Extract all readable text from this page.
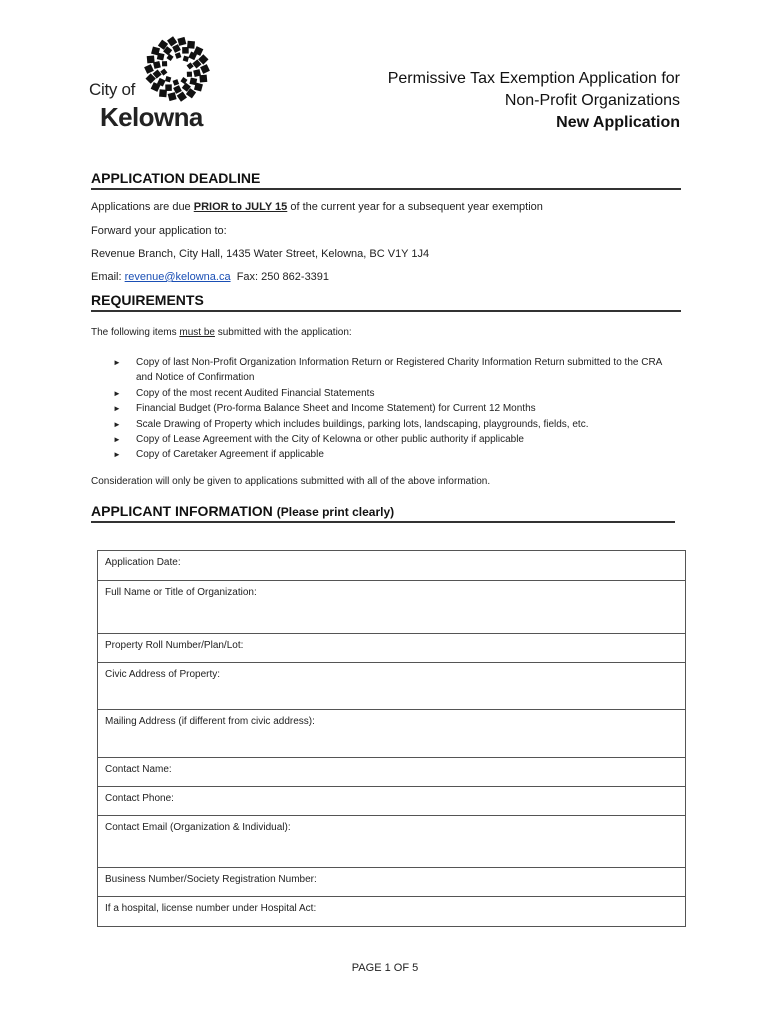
City of
Kelowna
Permissive Tax Exemption Application for
Non-Profit Organizations
New Application
APPLICATION DEADLINE
Applications are due PRIOR to JULY 15 of the current year for a subsequent year exemption
Forward your application to:
Revenue Branch, City Hall, 1435 Water Street, Kelowna, BC V1Y 1J4
Email: revenue@kelowna.ca  Fax: 250 862-3391
REQUIREMENTS
The following items must be submitted with the application:
► Copy of last Non-Profit Organization Information Return or Registered Charity Information Return submitted to the CRA and Notice of Confirmation
► Copy of the most recent Audited Financial Statements
► Financial Budget (Pro-forma Balance Sheet and Income Statement) for Current 12 Months
► Scale Drawing of Property which includes buildings, parking lots, landscaping, playgrounds, fields, etc.
► Copy of Lease Agreement with the City of Kelowna or other public authority if applicable
► Copy of Caretaker Agreement if applicable
Consideration will only be given to applications submitted with all of the above information.
APPLICANT INFORMATION (Please print clearly)
Application Date:
Full Name or Title of Organization:
Property Roll Number/Plan/Lot:
Civic Address of Property:
Mailing Address (if different from civic address):
Contact Name:
Contact Phone:
Contact Email (Organization & Individual):
Business Number/Society Registration Number:
If a hospital, license number under Hospital Act:
PAGE 1 OF 5
